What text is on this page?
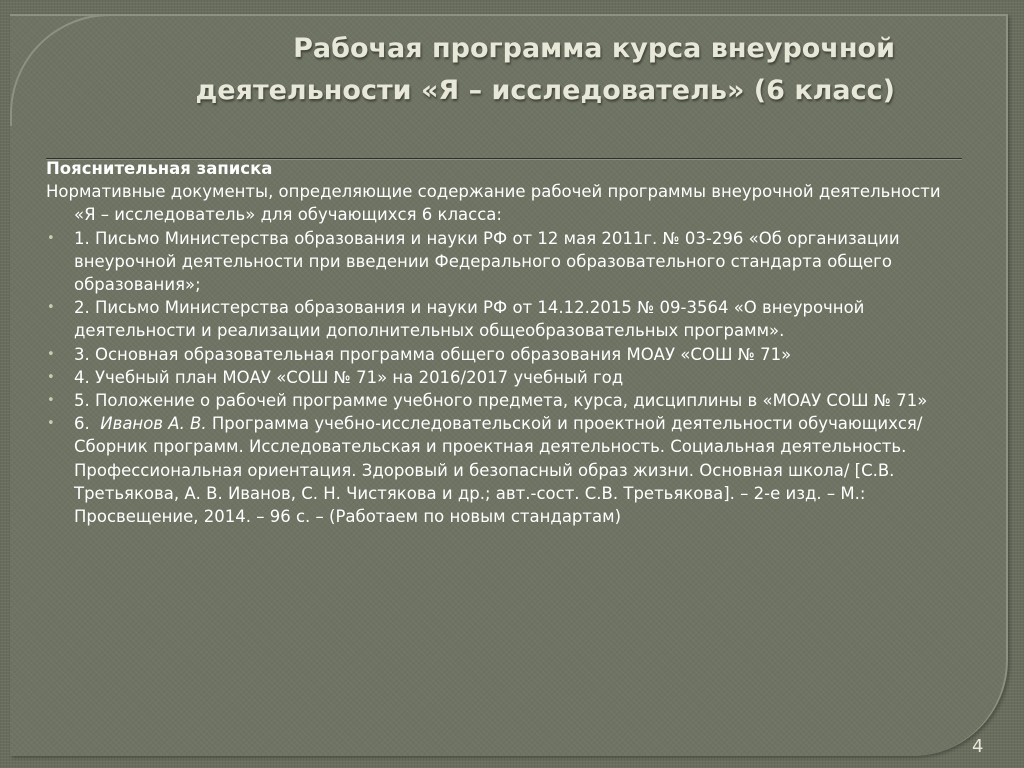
Рабочая программа курса внеурочной деятельности «Я – исследователь» (6 класс)

Пояснительная записка

Нормативные документы, определяющие содержание рабочей программы внеурочной деятельности «Я – исследователь» для обучающихся 6 класса:

• 1. Письмо Министерства образования и науки РФ от 12 мая 2011г. № 03-296 «Об организации внеурочной деятельности при введении Федерального образовательного стандарта общего образования»;
• 2. Письмо Министерства образования и науки РФ от 14.12.2015 № 09-3564 «О внеурочной деятельности и реализации дополнительных общеобразовательных программ».
• 3. Основная образовательная программа общего образования МОАУ «СОШ № 71»
• 4. Учебный план МОАУ «СОШ № 71» на 2016/2017 учебный год
• 5. Положение о рабочей программе учебного предмета, курса, дисциплины в «МОАУ СОШ № 71»
• 6. Иванов А. В. Программа учебно-исследовательской и проектной деятельности обучающихся/ Сборник программ. Исследовательская и проектная деятельность. Социальная деятельность. Профессиональная ориентация. Здоровый и безопасный образ жизни. Основная школа/ [С.В. Третьякова, А. В. Иванов, С. Н. Чистякова и др.; авт.-сост. С.В. Третьякова]. – 2-е изд. – М.: Просвещение, 2014. – 96 с. – (Работаем по новым стандартам)
4
